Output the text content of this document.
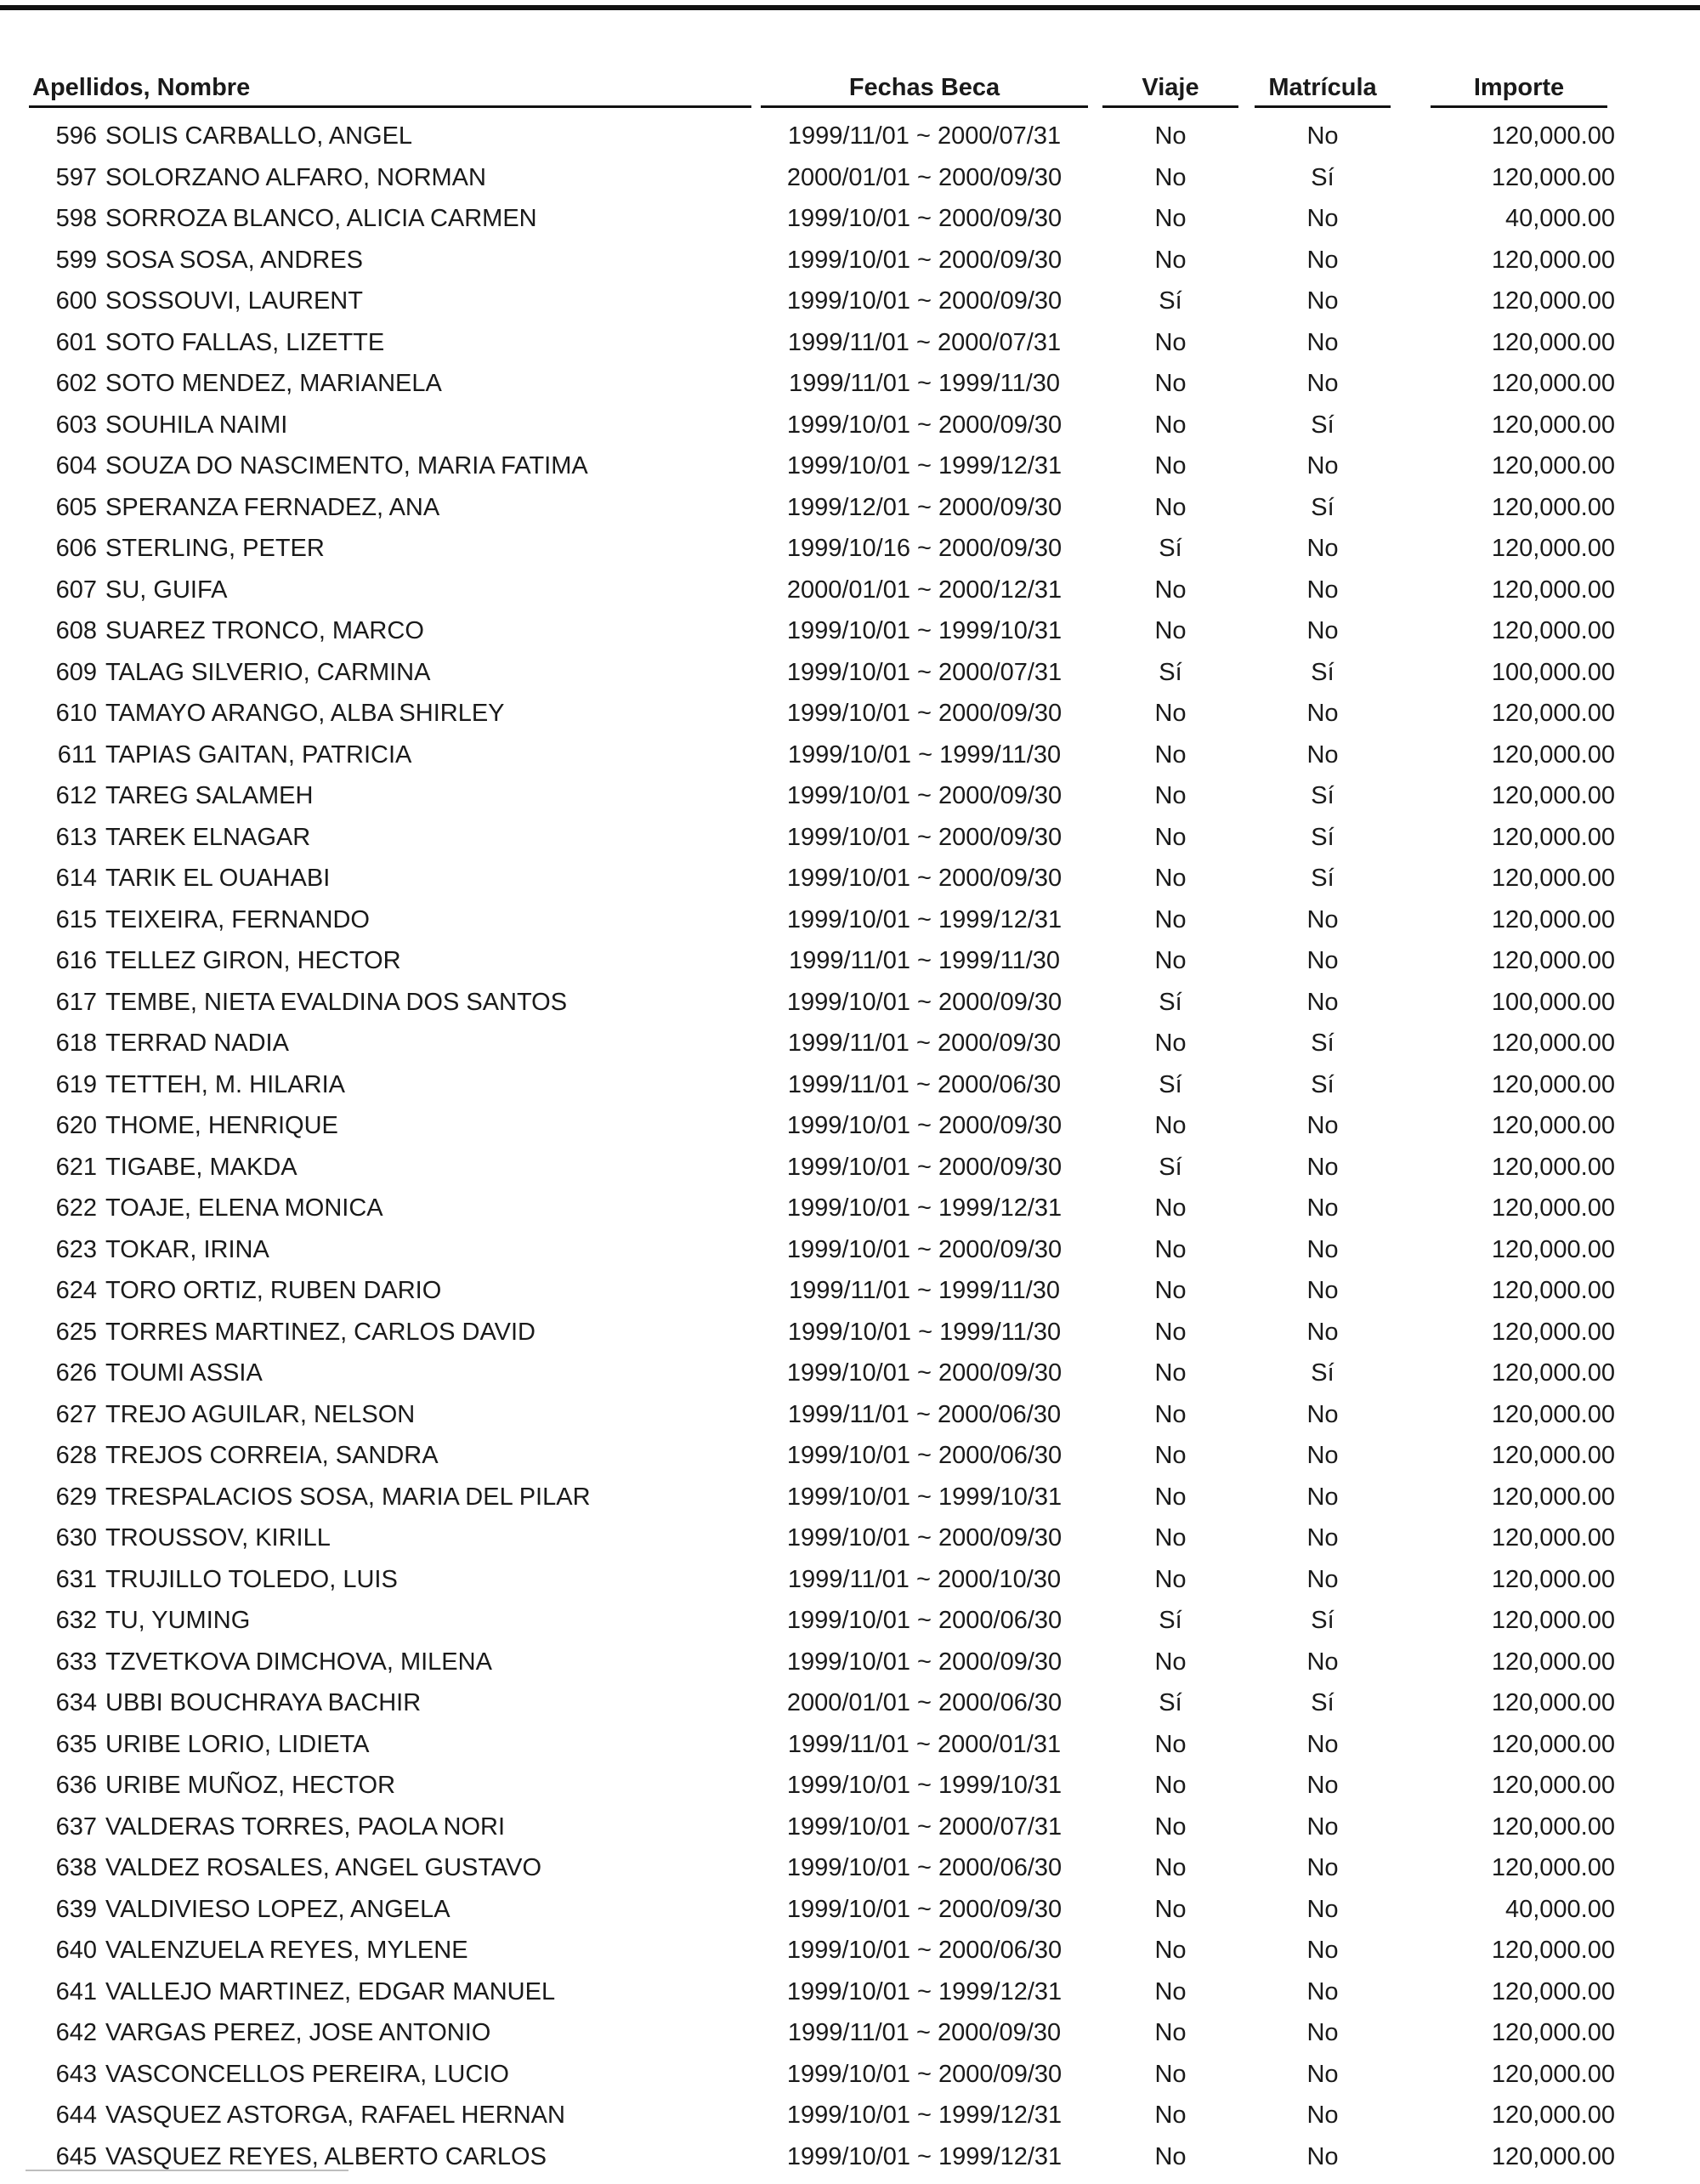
Apellidos, Nombre	Fechas Beca	Viaje	Matrícula	Importe
596 SOLIS CARBALLO, ANGEL	1999/11/01 ~ 2000/07/31	No	No	120,000.00
597 SOLORZANO ALFARO, NORMAN	2000/01/01 ~ 2000/09/30	No	Sí	120,000.00
598 SORROZA BLANCO, ALICIA CARMEN	1999/10/01 ~ 2000/09/30	No	No	40,000.00
599 SOSA SOSA, ANDRES	1999/10/01 ~ 2000/09/30	No	No	120,000.00
600 SOSSOUVI, LAURENT	1999/10/01 ~ 2000/09/30	Sí	No	120,000.00
601 SOTO FALLAS, LIZETTE	1999/11/01 ~ 2000/07/31	No	No	120,000.00
602 SOTO MENDEZ, MARIANELA	1999/11/01 ~ 1999/11/30	No	No	120,000.00
603 SOUHILA NAIMI	1999/10/01 ~ 2000/09/30	No	Sí	120,000.00
604 SOUZA DO NASCIMENTO, MARIA FATIMA	1999/10/01 ~ 1999/12/31	No	No	120,000.00
605 SPERANZA FERNADEZ, ANA	1999/12/01 ~ 2000/09/30	No	Sí	120,000.00
606 STERLING, PETER	1999/10/16 ~ 2000/09/30	Sí	No	120,000.00
607 SU, GUIFA	2000/01/01 ~ 2000/12/31	No	No	120,000.00
608 SUAREZ TRONCO, MARCO	1999/10/01 ~ 1999/10/31	No	No	120,000.00
609 TALAG SILVERIO, CARMINA	1999/10/01 ~ 2000/07/31	Sí	Sí	100,000.00
610 TAMAYO ARANGO, ALBA SHIRLEY	1999/10/01 ~ 2000/09/30	No	No	120,000.00
611 TAPIAS GAITAN, PATRICIA	1999/10/01 ~ 1999/11/30	No	No	120,000.00
612 TAREG SALAMEH	1999/10/01 ~ 2000/09/30	No	Sí	120,000.00
613 TAREK ELNAGAR	1999/10/01 ~ 2000/09/30	No	Sí	120,000.00
614 TARIK EL OUAHABI	1999/10/01 ~ 2000/09/30	No	Sí	120,000.00
615 TEIXEIRA, FERNANDO	1999/10/01 ~ 1999/12/31	No	No	120,000.00
616 TELLEZ GIRON, HECTOR	1999/11/01 ~ 1999/11/30	No	No	120,000.00
617 TEMBE, NIETA EVALDINA DOS SANTOS	1999/10/01 ~ 2000/09/30	Sí	No	100,000.00
618 TERRAD NADIA	1999/11/01 ~ 2000/09/30	No	Sí	120,000.00
619 TETTEH, M. HILARIA	1999/11/01 ~ 2000/06/30	Sí	Sí	120,000.00
620 THOME, HENRIQUE	1999/10/01 ~ 2000/09/30	No	No	120,000.00
621 TIGABE, MAKDA	1999/10/01 ~ 2000/09/30	Sí	No	120,000.00
622 TOAJE, ELENA MONICA	1999/10/01 ~ 1999/12/31	No	No	120,000.00
623 TOKAR, IRINA	1999/10/01 ~ 2000/09/30	No	No	120,000.00
624 TORO ORTIZ, RUBEN DARIO	1999/11/01 ~ 1999/11/30	No	No	120,000.00
625 TORRES MARTINEZ, CARLOS DAVID	1999/10/01 ~ 1999/11/30	No	No	120,000.00
626 TOUMI ASSIA	1999/10/01 ~ 2000/09/30	No	Sí	120,000.00
627 TREJO AGUILAR, NELSON	1999/11/01 ~ 2000/06/30	No	No	120,000.00
628 TREJOS CORREIA, SANDRA	1999/10/01 ~ 2000/06/30	No	No	120,000.00
629 TRESPALACIOS SOSA, MARIA DEL PILAR	1999/10/01 ~ 1999/10/31	No	No	120,000.00
630 TROUSSOV, KIRILL	1999/10/01 ~ 2000/09/30	No	No	120,000.00
631 TRUJILLO TOLEDO, LUIS	1999/11/01 ~ 2000/10/30	No	No	120,000.00
632 TU, YUMING	1999/10/01 ~ 2000/06/30	Sí	Sí	120,000.00
633 TZVETKOVA DIMCHOVA, MILENA	1999/10/01 ~ 2000/09/30	No	No	120,000.00
634 UBBI BOUCHRAYA BACHIR	2000/01/01 ~ 2000/06/30	Sí	Sí	120,000.00
635 URIBE LORIO, LIDIETA	1999/11/01 ~ 2000/01/31	No	No	120,000.00
636 URIBE MUÑOZ, HECTOR	1999/10/01 ~ 1999/10/31	No	No	120,000.00
637 VALDERAS TORRES, PAOLA NORI	1999/10/01 ~ 2000/07/31	No	No	120,000.00
638 VALDEZ ROSALES, ANGEL GUSTAVO	1999/10/01 ~ 2000/06/30	No	No	120,000.00
639 VALDIVIESO LOPEZ, ANGELA	1999/10/01 ~ 2000/09/30	No	No	40,000.00
640 VALENZUELA REYES, MYLENE	1999/10/01 ~ 2000/06/30	No	No	120,000.00
641 VALLEJO MARTINEZ, EDGAR MANUEL	1999/10/01 ~ 1999/12/31	No	No	120,000.00
642 VARGAS PEREZ, JOSE ANTONIO	1999/11/01 ~ 2000/09/30	No	No	120,000.00
643 VASCONCELLOS PEREIRA, LUCIO	1999/10/01 ~ 2000/09/30	No	No	120,000.00
644 VASQUEZ ASTORGA, RAFAEL HERNAN	1999/10/01 ~ 1999/12/31	No	No	120,000.00
645 VASQUEZ REYES, ALBERTO CARLOS	1999/10/01 ~ 1999/12/31	No	No	120,000.00
